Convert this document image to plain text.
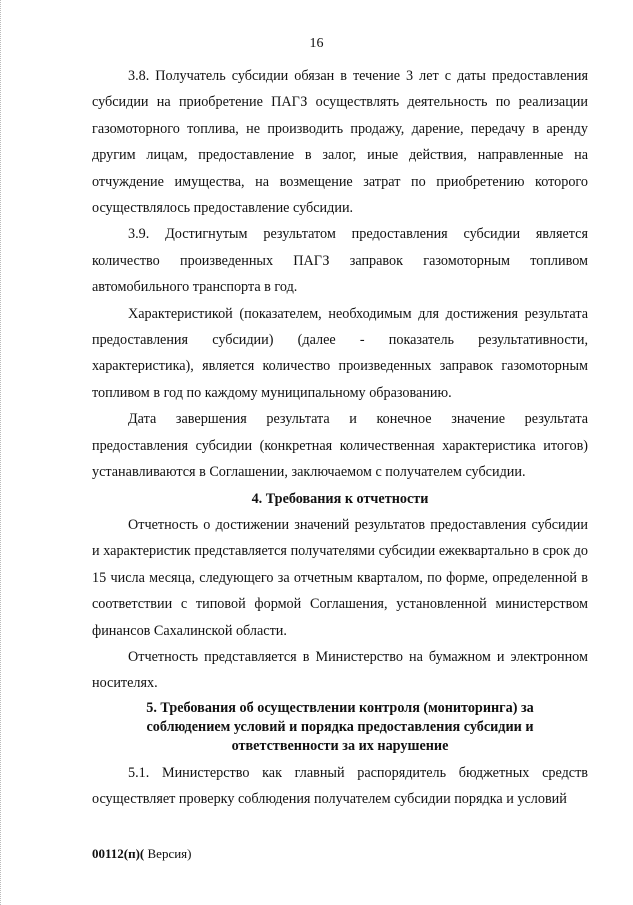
16

3.8. Получатель субсидии обязан в течение 3 лет с даты предоставления субсидии на приобретение ПАГЗ осуществлять деятельность по реализации газомоторного топлива, не производить продажу, дарение, передачу в аренду другим лицам, предоставление в залог, иные действия, направленные на отчуждение имущества, на возмещение затрат по приобретению которого осуществлялось предоставление субсидии.

3.9. Достигнутым результатом предоставления субсидии является количество произведенных ПАГЗ заправок газомоторным топливом автомобильного транспорта в год.

Характеристикой (показателем, необходимым для достижения результата предоставления субсидии) (далее - показатель результативности, характеристика), является количество произведенных заправок газомоторным топливом в год по каждому муниципальному образованию.

Дата завершения результата и конечное значение результата предоставления субсидии (конкретная количественная характеристика итогов) устанавливаются в Соглашении, заключаемом с получателем субсидии.

4. Требования к отчетности

Отчетность о достижении значений результатов предоставления субсидии и характеристик представляется получателями субсидии ежеквартально в срок до 15 числа месяца, следующего за отчетным кварталом, по форме, определенной в соответствии с типовой формой Соглашения, установленной министерством финансов Сахалинской области.

Отчетность представляется в Министерство на бумажном и электронном носителях.

5. Требования об осуществлении контроля (мониторинга) за
соблюдением условий и порядка предоставления субсидии и
ответственности за их нарушение

5.1. Министерство как главный распорядитель бюджетных средств осуществляет проверку соблюдения получателем субсидии порядка и условий

00112(п)( Версия)
